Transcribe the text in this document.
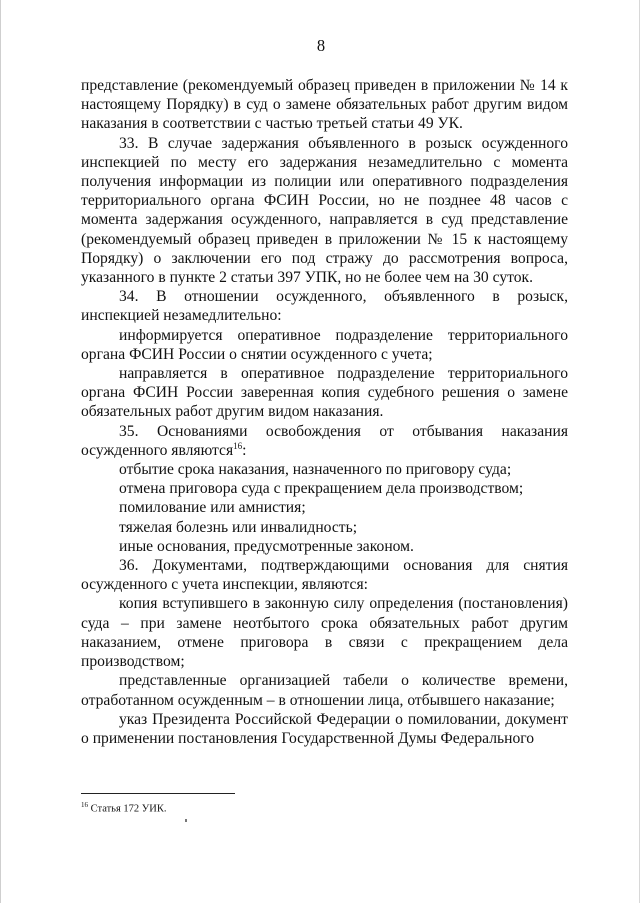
8

представление (рекомендуемый образец приведен в приложении № 14 к настоящему Порядку) в суд о замене обязательных работ другим видом наказания в соответствии с частью третьей статьи 49 УК.

33. В случае задержания объявленного в розыск осужденного инспекцией по месту его задержания незамедлительно с момента получения информации из полиции или оперативного подразделения территориального органа ФСИН России, но не позднее 48 часов с момента задержания осужденного, направляется в суд представление (рекомендуемый образец приведен в приложении № 15 к настоящему Порядку) о заключении его под стражу до рассмотрения вопроса, указанного в пункте 2 статьи 397 УПК, но не более чем на 30 суток.

34. В отношении осужденного, объявленного в розыск, инспекцией незамедлительно:

информируется оперативное подразделение территориального органа ФСИН России о снятии осужденного с учета;

направляется в оперативное подразделение территориального органа ФСИН России заверенная копия судебного решения о замене обязательных работ другим видом наказания.

35. Основаниями освобождения от отбывания наказания осужденного являются$^{16}$:

отбытие срока наказания, назначенного по приговору суда;

отмена приговора суда с прекращением дела производством;

помилование или амнистия;

тяжелая болезнь или инвалидность;

иные основания, предусмотренные законом.

36. Документами, подтверждающими основания для снятия осужденного с учета инспекции, являются:

копия вступившего в законную силу определения (постановления) суда – при замене неотбытого срока обязательных работ другим наказанием, отмене приговора в связи с прекращением дела производством;

представленные организацией табели о количестве времени, отработанном осужденным – в отношении лица, отбывшего наказание;

указ Президента Российской Федерации о помиловании, документ о применении постановления Государственной Думы Федерального

$^{16}$ Статья 172 УИК.
